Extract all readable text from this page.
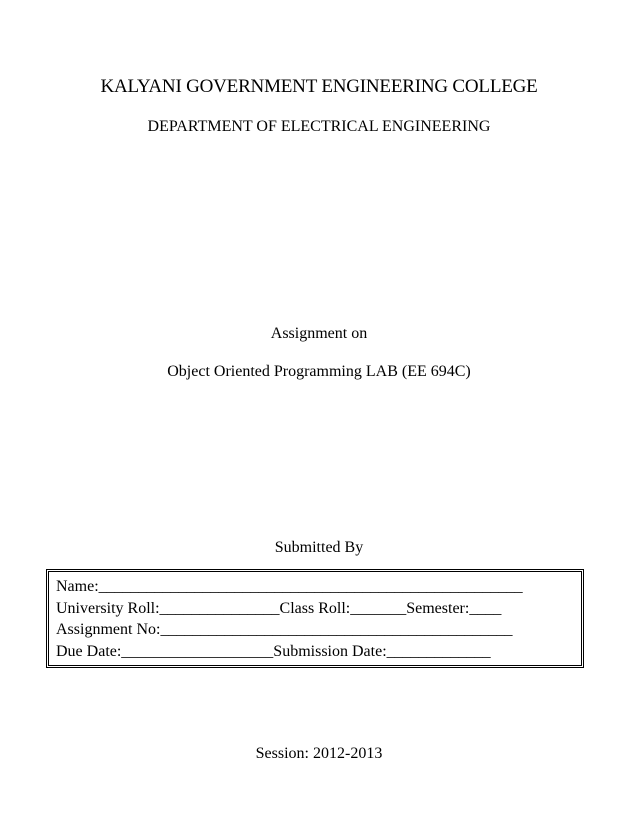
KALYANI GOVERNMENT ENGINEERING COLLEGE
DEPARTMENT OF ELECTRICAL ENGINEERING
Assignment on
Object Oriented Programming LAB (EE 694C)
Submitted By
Name:_____________________________________________________
University Roll:_______________Class Roll:_______Semester:____
Assignment No:____________________________________________
Due Date:___________________Submission Date:_____________
Session: 2012-2013
